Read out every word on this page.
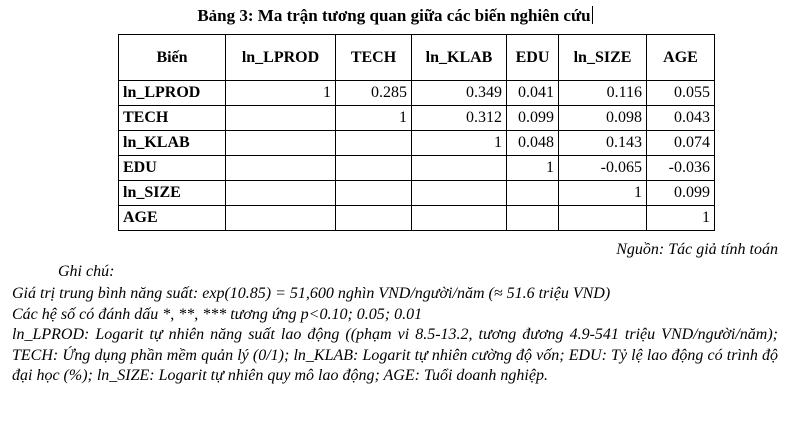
Bảng 3: Ma trận tương quan giữa các biến nghiên cứu
Biến	ln_LPROD	TECH	ln_KLAB	EDU	ln_SIZE	AGE
ln_LPROD	1	0.285	0.349	0.041	0.116	0.055
TECH		1	0.312	0.099	0.098	0.043
ln_KLAB			1	0.048	0.143	0.074
EDU				1	-0.065	-0.036
ln_SIZE					1	0.099
AGE						1
Nguồn: Tác giả tính toán
Ghi chú:

Giá trị trung bình năng suất: exp(10.85) = 51,600 nghìn VND/người/năm (≈ 51.6 triệu VND)

Các hệ số có đánh dấu *, **, *** tương ứng p<0.10; 0.05; 0.01

ln_LPROD: Logarit tự nhiên năng suất lao động ((phạm vi 8.5-13.2, tương đương 4.9-541 triệu VND/người/năm); TECH: Ứng dụng phần mềm quản lý (0/1); ln_KLAB: Logarit tự nhiên cường độ vốn; EDU: Tỷ lệ lao động có trình độ đại học (%); ln_SIZE: Logarit tự nhiên quy mô lao động; AGE: Tuổi doanh nghiệp.
